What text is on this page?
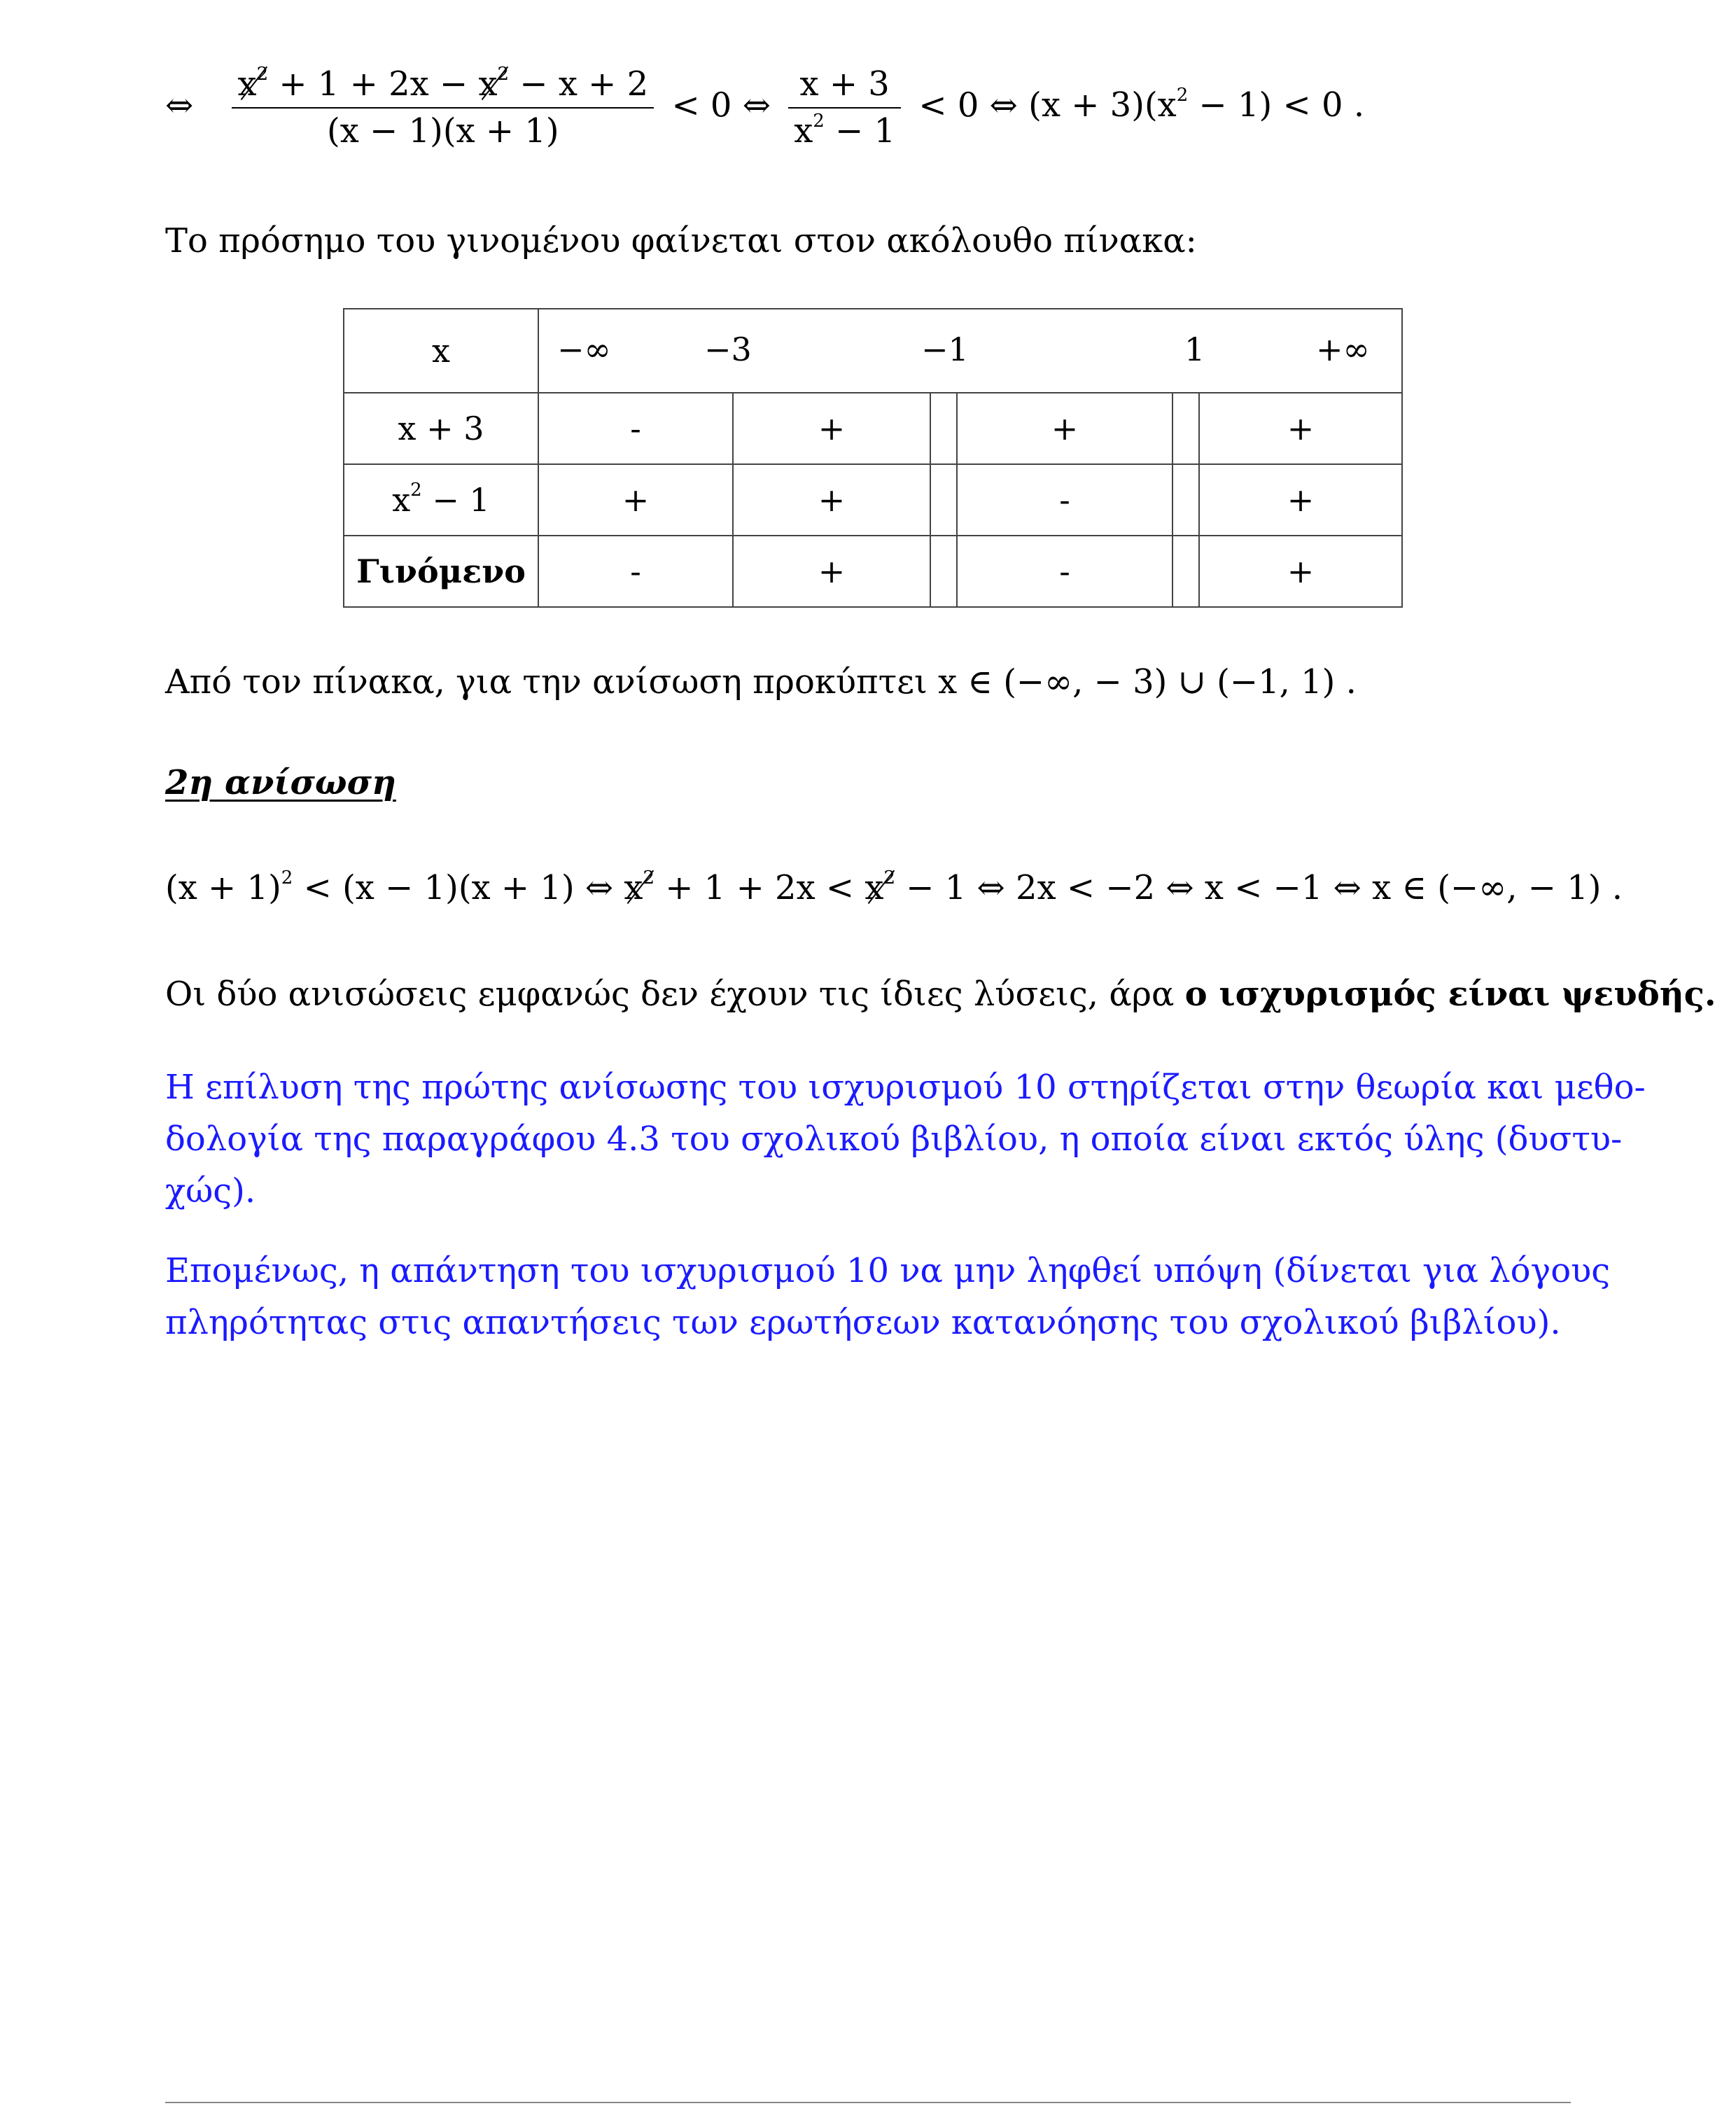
⇔ $\frac{x^2 + 1 + 2x - x^2 - x + 2}{(x - 1)(x + 1)} < 0$ ⇔ $\frac{x + 3}{x^2 - 1} < 0$ ⇔ $(x + 3)(x^2 - 1) < 0$ .
Το πρόσημο του γινομένου φαίνεται στον ακόλουθο πίνακα:
x	−∞ −3 −1 1 +∞					

x + 3	-	+		+		+
$x^2 - 1$	+	+		-		+
Γινόμενο	-	+		-		+
Από τον πίνακα, για την ανίσωση προκύπτει x ∈ (−∞, − 3) ∪ (−1, 1) .
2η ανίσωση
$(x + 1)^2 < (x - 1)(x + 1)$ ⇔ $x^2 + 1 + 2x < x^2 - 1$ ⇔ 2x < −2 ⇔ x < −1 ⇔ x ∈ (−∞, − 1) .
Οι δύο ανισώσεις εμφανώς δεν έχουν τις ίδιες λύσεις, άρα ο ισχυρισμός είναι ψευδής.
Η επίλυση της πρώτης ανίσωσης του ισχυρισμού 10 στηρίζεται στην θεωρία και μεθο-
δολογία της παραγράφου 4.3 του σχολικού βιβλίου, η οποία είναι εκτός ύλης (δυστυ-
χώς).
Επομένως, η απάντηση του ισχυρισμού 10 να μην ληφθεί υπόψη (δίνεται για λόγους
πληρότητας στις απαντήσεις των ερωτήσεων κατανόησης του σχολικού βιβλίου).
